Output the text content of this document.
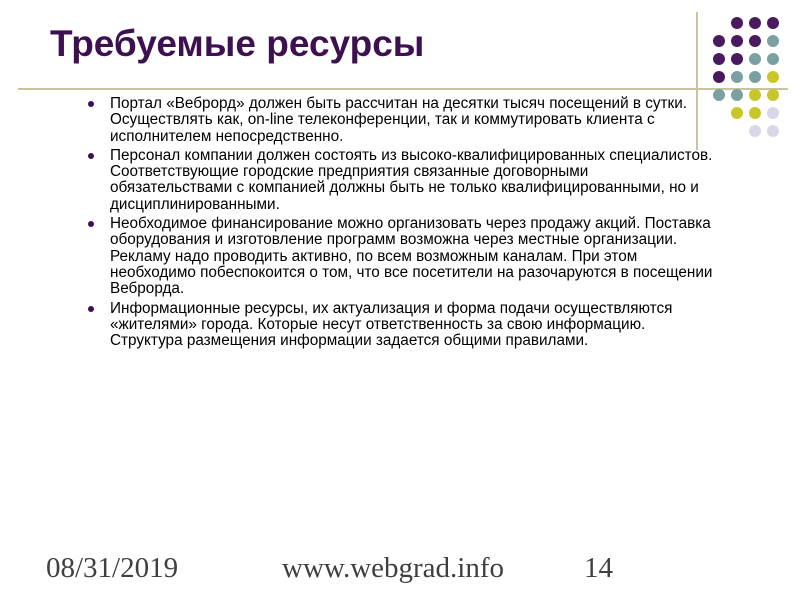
Требуемые ресурсы
Портал «Веброрд» должен быть рассчитан на десятки тысяч посещений в сутки. Осуществлять как, on-line телеконференции, так и коммутировать клиента с исполнителем непосредственно.
Персонал компании должен состоять из высоко-квалифицированных специалистов. Соответствующие городские предприятия связанные договорными обязательствами с компанией должны быть не только квалифицированными, но и дисциплинированными.
Необходимое финансирование можно организовать через продажу акций. Поставка оборудования и изготовление программ возможна через местные организации. Рекламу надо проводить активно, по всем возможным каналам. При этом необходимо побеспокоится о том, что все посетители на разочаруются в посещении Веброрда.
Информационные ресурсы, их актуализация и форма подачи осуществляются «жителями» города. Которые несут ответственность за свою информацию. Структура размещения информации задается общими правилами.
08/31/2019	www.webgrad.info	14
